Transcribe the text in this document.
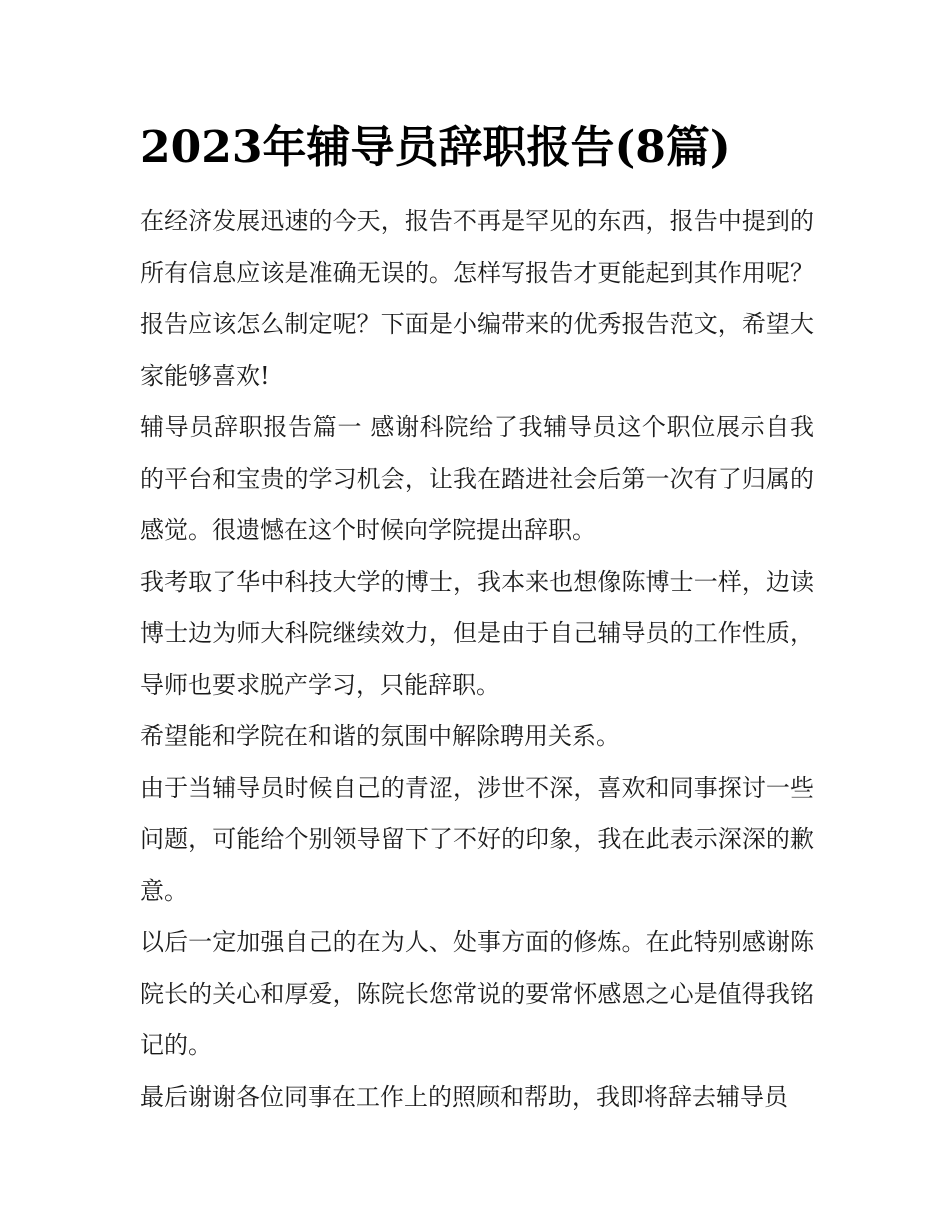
2023年辅导员辞职报告(8篇)

在经济发展迅速的今天，报告不再是罕见的东西，报告中提到的所有信息应该是准确无误的。怎样写报告才更能起到其作用呢？报告应该怎么制定呢？下面是小编带来的优秀报告范文，希望大家能够喜欢!

辅导员辞职报告篇一 感谢科院给了我辅导员这个职位展示自我的平台和宝贵的学习机会，让我在踏进社会后第一次有了归属的感觉。很遗憾在这个时候向学院提出辞职。

我考取了华中科技大学的博士，我本来也想像陈博士一样，边读博士边为师大科院继续效力，但是由于自己辅导员的工作性质，导师也要求脱产学习，只能辞职。

希望能和学院在和谐的氛围中解除聘用关系。

由于当辅导员时候自己的青涩，涉世不深，喜欢和同事探讨一些问题，可能给个别领导留下了不好的印象，我在此表示深深的歉意。

以后一定加强自己的在为人、处事方面的修炼。在此特别感谢陈院长的关心和厚爱，陈院长您常说的要常怀感恩之心是值得我铭记的。

最后谢谢各位同事在工作上的照顾和帮助，我即将辞去辅导员
